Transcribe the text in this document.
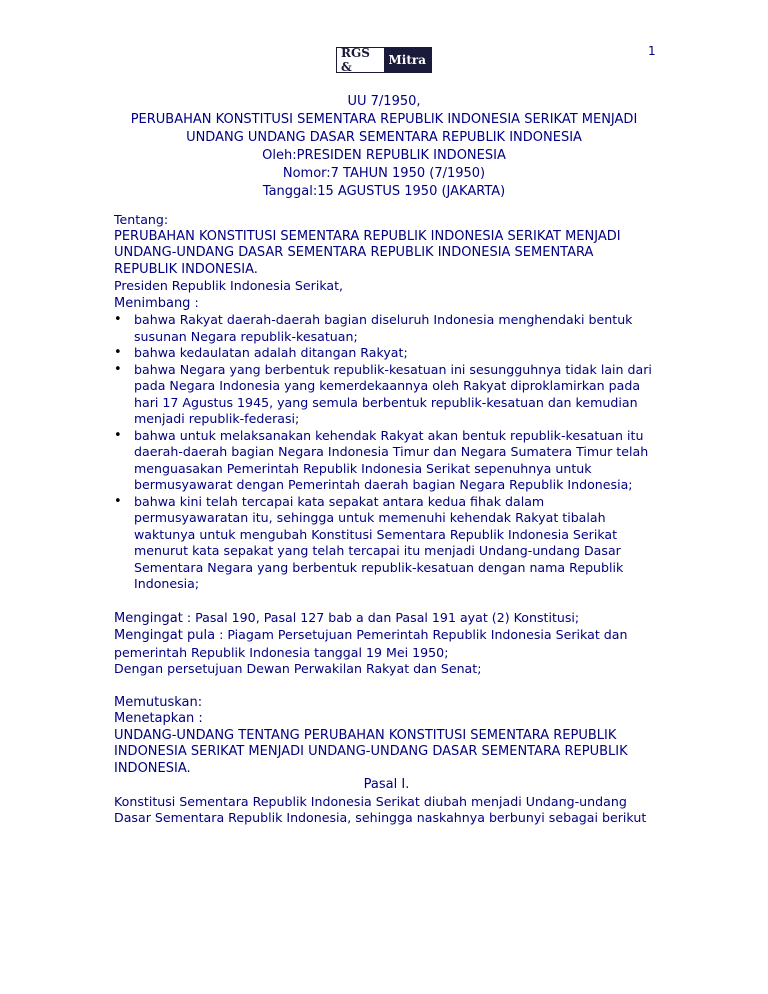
1
RGS &	Mitra
UU 7/1950,
PERUBAHAN KONSTITUSI SEMENTARA REPUBLIK INDONESIA SERIKAT MENJADI
UNDANG UNDANG DASAR SEMENTARA REPUBLIK INDONESIA
Oleh:PRESIDEN REPUBLIK INDONESIA
Nomor:7 TAHUN 1950 (7/1950)
Tanggal:15 AGUSTUS 1950 (JAKARTA)

Tentang:

PERUBAHAN KONSTITUSI SEMENTARA REPUBLIK INDONESIA SERIKAT MENJADI UNDANG-UNDANG DASAR SEMENTARA REPUBLIK INDONESIA SEMENTARA REPUBLIK INDONESIA.

Presiden Republik Indonesia Serikat,

Menimbang :

• bahwa Rakyat daerah-daerah bagian diseluruh Indonesia menghendaki bentuk susunan Negara republik-kesatuan;
• bahwa kedaulatan adalah ditangan Rakyat;
• bahwa Negara yang berbentuk republik-kesatuan ini sesungguhnya tidak lain dari pada Negara Indonesia yang kemerdekaannya oleh Rakyat diproklamirkan pada hari 17 Agustus 1945, yang semula berbentuk republik-kesatuan dan kemudian menjadi republik-federasi;
• bahwa untuk melaksanakan kehendak Rakyat akan bentuk republik-kesatuan itu daerah-daerah bagian Negara Indonesia Timur dan Negara Sumatera Timur telah menguasakan Pemerintah Republik Indonesia Serikat sepenuhnya untuk bermusyawarat dengan Pemerintah daerah bagian Negara Republik Indonesia;
• bahwa kini telah tercapai kata sepakat antara kedua fihak dalam permusyawaratan itu, sehingga untuk memenuhi kehendak Rakyat tibalah waktunya untuk mengubah Konstitusi Sementara Republik Indonesia Serikat menurut kata sepakat yang telah tercapai itu menjadi Undang-undang Dasar Sementara Negara yang berbentuk republik-kesatuan dengan nama Republik Indonesia;

Mengingat : Pasal 190, Pasal 127 bab a dan Pasal 191 ayat (2) Konstitusi;

Mengingat pula : Piagam Persetujuan Pemerintah Republik Indonesia Serikat dan pemerintah Republik Indonesia tanggal 19 Mei 1950;

Dengan persetujuan Dewan Perwakilan Rakyat dan Senat;

Memutuskan:

Menetapkan :

UNDANG-UNDANG TENTANG PERUBAHAN KONSTITUSI SEMENTARA REPUBLIK INDONESIA SERIKAT MENJADI UNDANG-UNDANG DASAR SEMENTARA REPUBLIK INDONESIA.

Pasal I.

Konstitusi Sementara Republik Indonesia Serikat diubah menjadi Undang-undang Dasar Sementara Republik Indonesia, sehingga naskahnya berbunyi sebagai berikut
